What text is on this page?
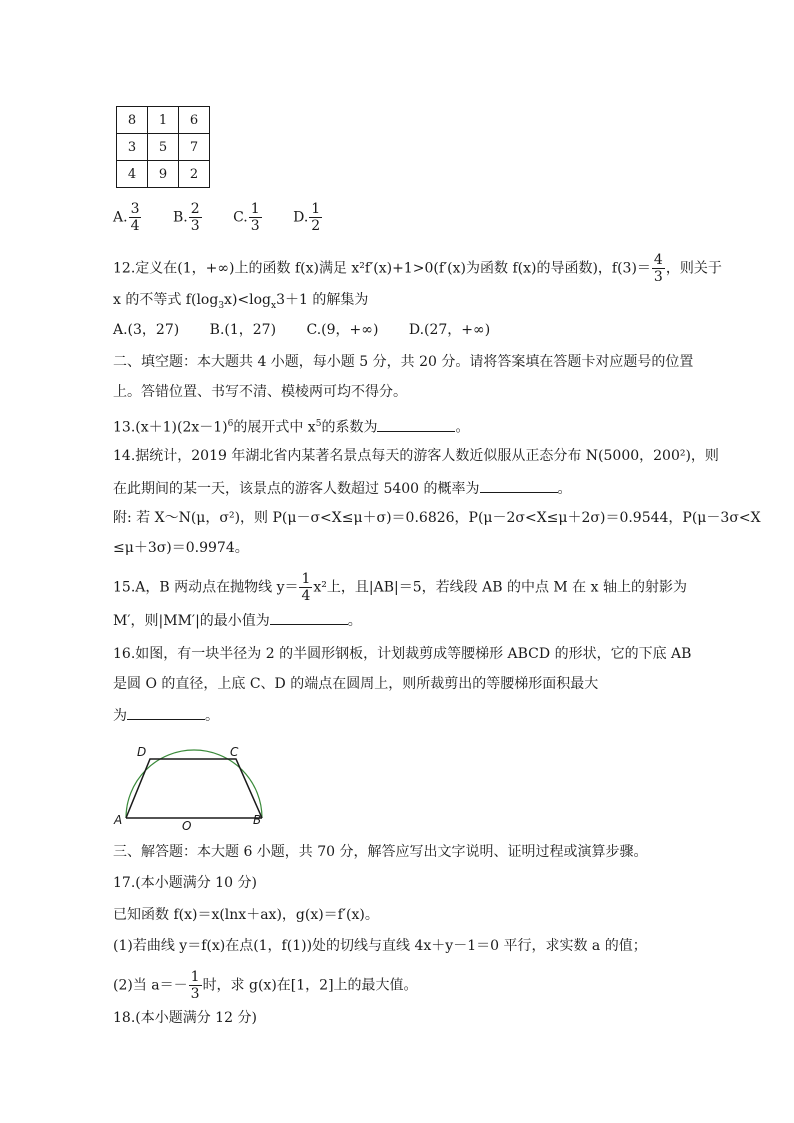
8	1	6
3	5	7
4	9	2
A. $\frac{3}{4} B$. $\frac{2}{3} C$. $\frac{1}{3} D$. $\frac{1}{2}$
12.定义在(1，+∞)上的函数 f(x)满足 x²f′(x)+1>0(f′(x)为函数 f(x)的导函数)，$f(3)= \frac{4}{3}$ ，则关于
x 的不等式 $f(\log_3x)<\log_x3+1$ 的解集为
A.(3，27) B.(1，27) C.(9，+∞) D.(27，+∞)
二、填空题：本大题共 4 小题，每小题 5 分，共 20 分。请将答案填在答题卡对应题号的位置
上。答错位置、书写不清、模棱两可均不得分。
$13.(x+1)(2x-1)^6$的展开式中 $x^5$的系数为	。
14.据统计，2019 年湖北省内某著名景点每天的游客人数近似服从正态分布 N(5000，200²)，则
在此期间的某一天，该景点的游客人数超过 5400 的概率为	。
附: 若 X～N(μ，σ²)，则 P(μ－σ<X≤μ＋σ)＝0.6826，P(μ－2σ<X≤μ＋2σ)＝0.9544，P(μ－3σ<X
≤μ＋3σ)＝0.9974。
15.A，B 两动点在抛物线 $y= \frac{1}{4} x^2$上，且|AB|＝5，若线段 AB 的中点 M 在 x 轴上的射影为
M′，则|MM′|的最小值为	。
16.如图，有一块半径为 2 的半圆形钢板，计划裁剪成等腰梯形 ABCD 的形状，它的下底 AB
是圆 O 的直径，上底 C、D 的端点在圆周上，则所裁剪出的等腰梯形面积最大
为	。
D	C
A	B
O
三、解答题：本大题 6 小题，共 70 分，解答应写出文字说明、证明过程或演算步骤。
17.(本小题满分 10 分)
已知函数 f(x)＝x(lnx＋ax)，g(x)＝f′(x)。
(1)若曲线 y＝f(x)在点(1，f(1))处的切线与直线 4x＋y－1＝0 平行，求实数 a 的值；
(2)当 $a=- \frac{1}{3}$ 时，求 g(x)在[1，2]上的最大值。
18.(本小题满分 12 分)
